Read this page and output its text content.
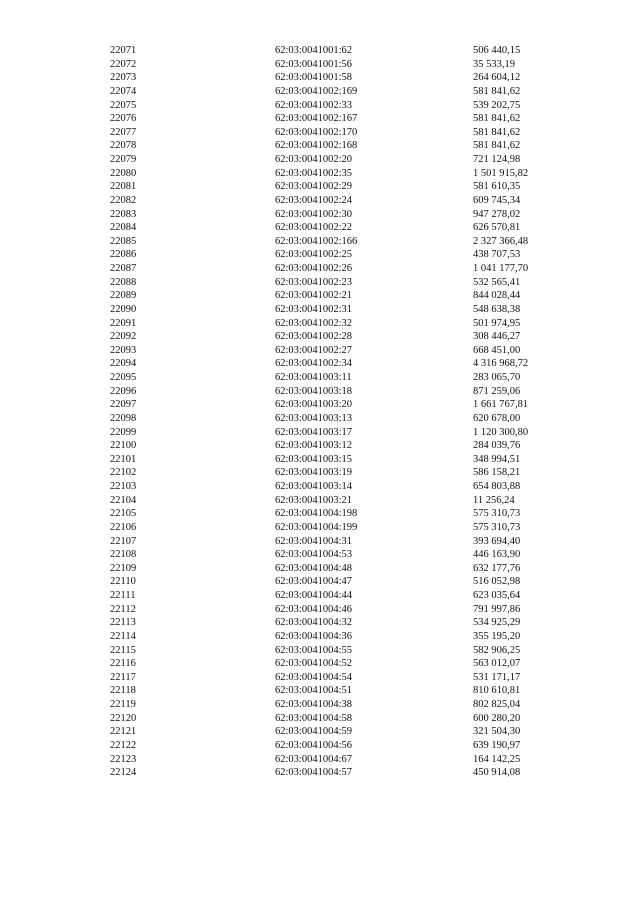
22071	62:03:0041001:62	506 440,15
22072	62:03:0041001:56	35 533,19
22073	62:03:0041001:58	264 604,12
22074	62:03:0041002:169	581 841,62
22075	62:03:0041002:33	539 202,75
22076	62:03:0041002:167	581 841,62
22077	62:03:0041002:170	581 841,62
22078	62:03:0041002:168	581 841,62
22079	62:03:0041002:20	721 124,98
22080	62:03:0041002:35	1 501 915,82
22081	62:03:0041002:29	581 610,35
22082	62:03:0041002:24	609 745,34
22083	62:03:0041002:30	947 278,02
22084	62:03:0041002:22	626 570,81
22085	62:03:0041002:166	2 327 366,48
22086	62:03:0041002:25	438 707,53
22087	62:03:0041002:26	1 041 177,70
22088	62:03:0041002:23	532 565,41
22089	62:03:0041002:21	844 028,44
22090	62:03:0041002:31	548 638,38
22091	62:03:0041002:32	501 974,95
22092	62:03:0041002:28	308 446,27
22093	62:03:0041002:27	668 451,00
22094	62:03:0041002:34	4 316 968,72
22095	62:03:0041003:11	283 065,70
22096	62:03:0041003:18	871 259,06
22097	62:03:0041003:20	1 661 767,81
22098	62:03:0041003:13	620 678,00
22099	62:03:0041003:17	1 120 300,80
22100	62:03:0041003:12	284 039,76
22101	62:03:0041003:15	348 994,51
22102	62:03:0041003:19	586 158,21
22103	62:03:0041003:14	654 803,88
22104	62:03:0041003:21	11 256,24
22105	62:03:0041004:198	575 310,73
22106	62:03:0041004:199	575 310,73
22107	62:03:0041004:31	393 694,40
22108	62:03:0041004:53	446 163,90
22109	62:03:0041004:48	632 177,76
22110	62:03:0041004:47	516 052,98
22111	62:03:0041004:44	623 035,64
22112	62:03:0041004:46	791 997,86
22113	62:03:0041004:32	534 925,29
22114	62:03:0041004:36	355 195,20
22115	62:03:0041004:55	582 906,25
22116	62:03:0041004:52	563 012,07
22117	62:03:0041004:54	531 171,17
22118	62:03:0041004:51	810 610,81
22119	62:03:0041004:38	802 825,04
22120	62:03:0041004:58	600 280,20
22121	62:03:0041004:59	321 504,30
22122	62:03:0041004:56	639 190,97
22123	62:03:0041004:67	164 142,25
22124	62:03:0041004:57	450 914,08
